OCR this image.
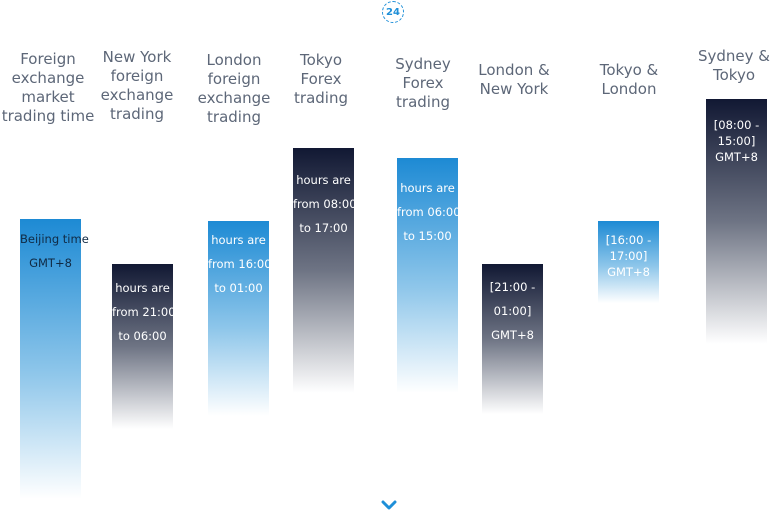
24
Foreign
exchange
market
trading time
Beijing time
GMT+8
New York
foreign
exchange
trading
hours are
from 21:00
to 06:00
London
foreign
exchange
trading
hours are
from 16:00
to 01:00
Tokyo
Forex
trading
hours are
from 08:00
to 17:00
Sydney
Forex
trading
hours are
from 06:00
to 15:00
London &
New York
[21:00 -
01:00]
GMT+8
Tokyo &
London
[16:00 -
17:00]
GMT+8
Sydney &
Tokyo
[08:00 -
15:00]
GMT+8
